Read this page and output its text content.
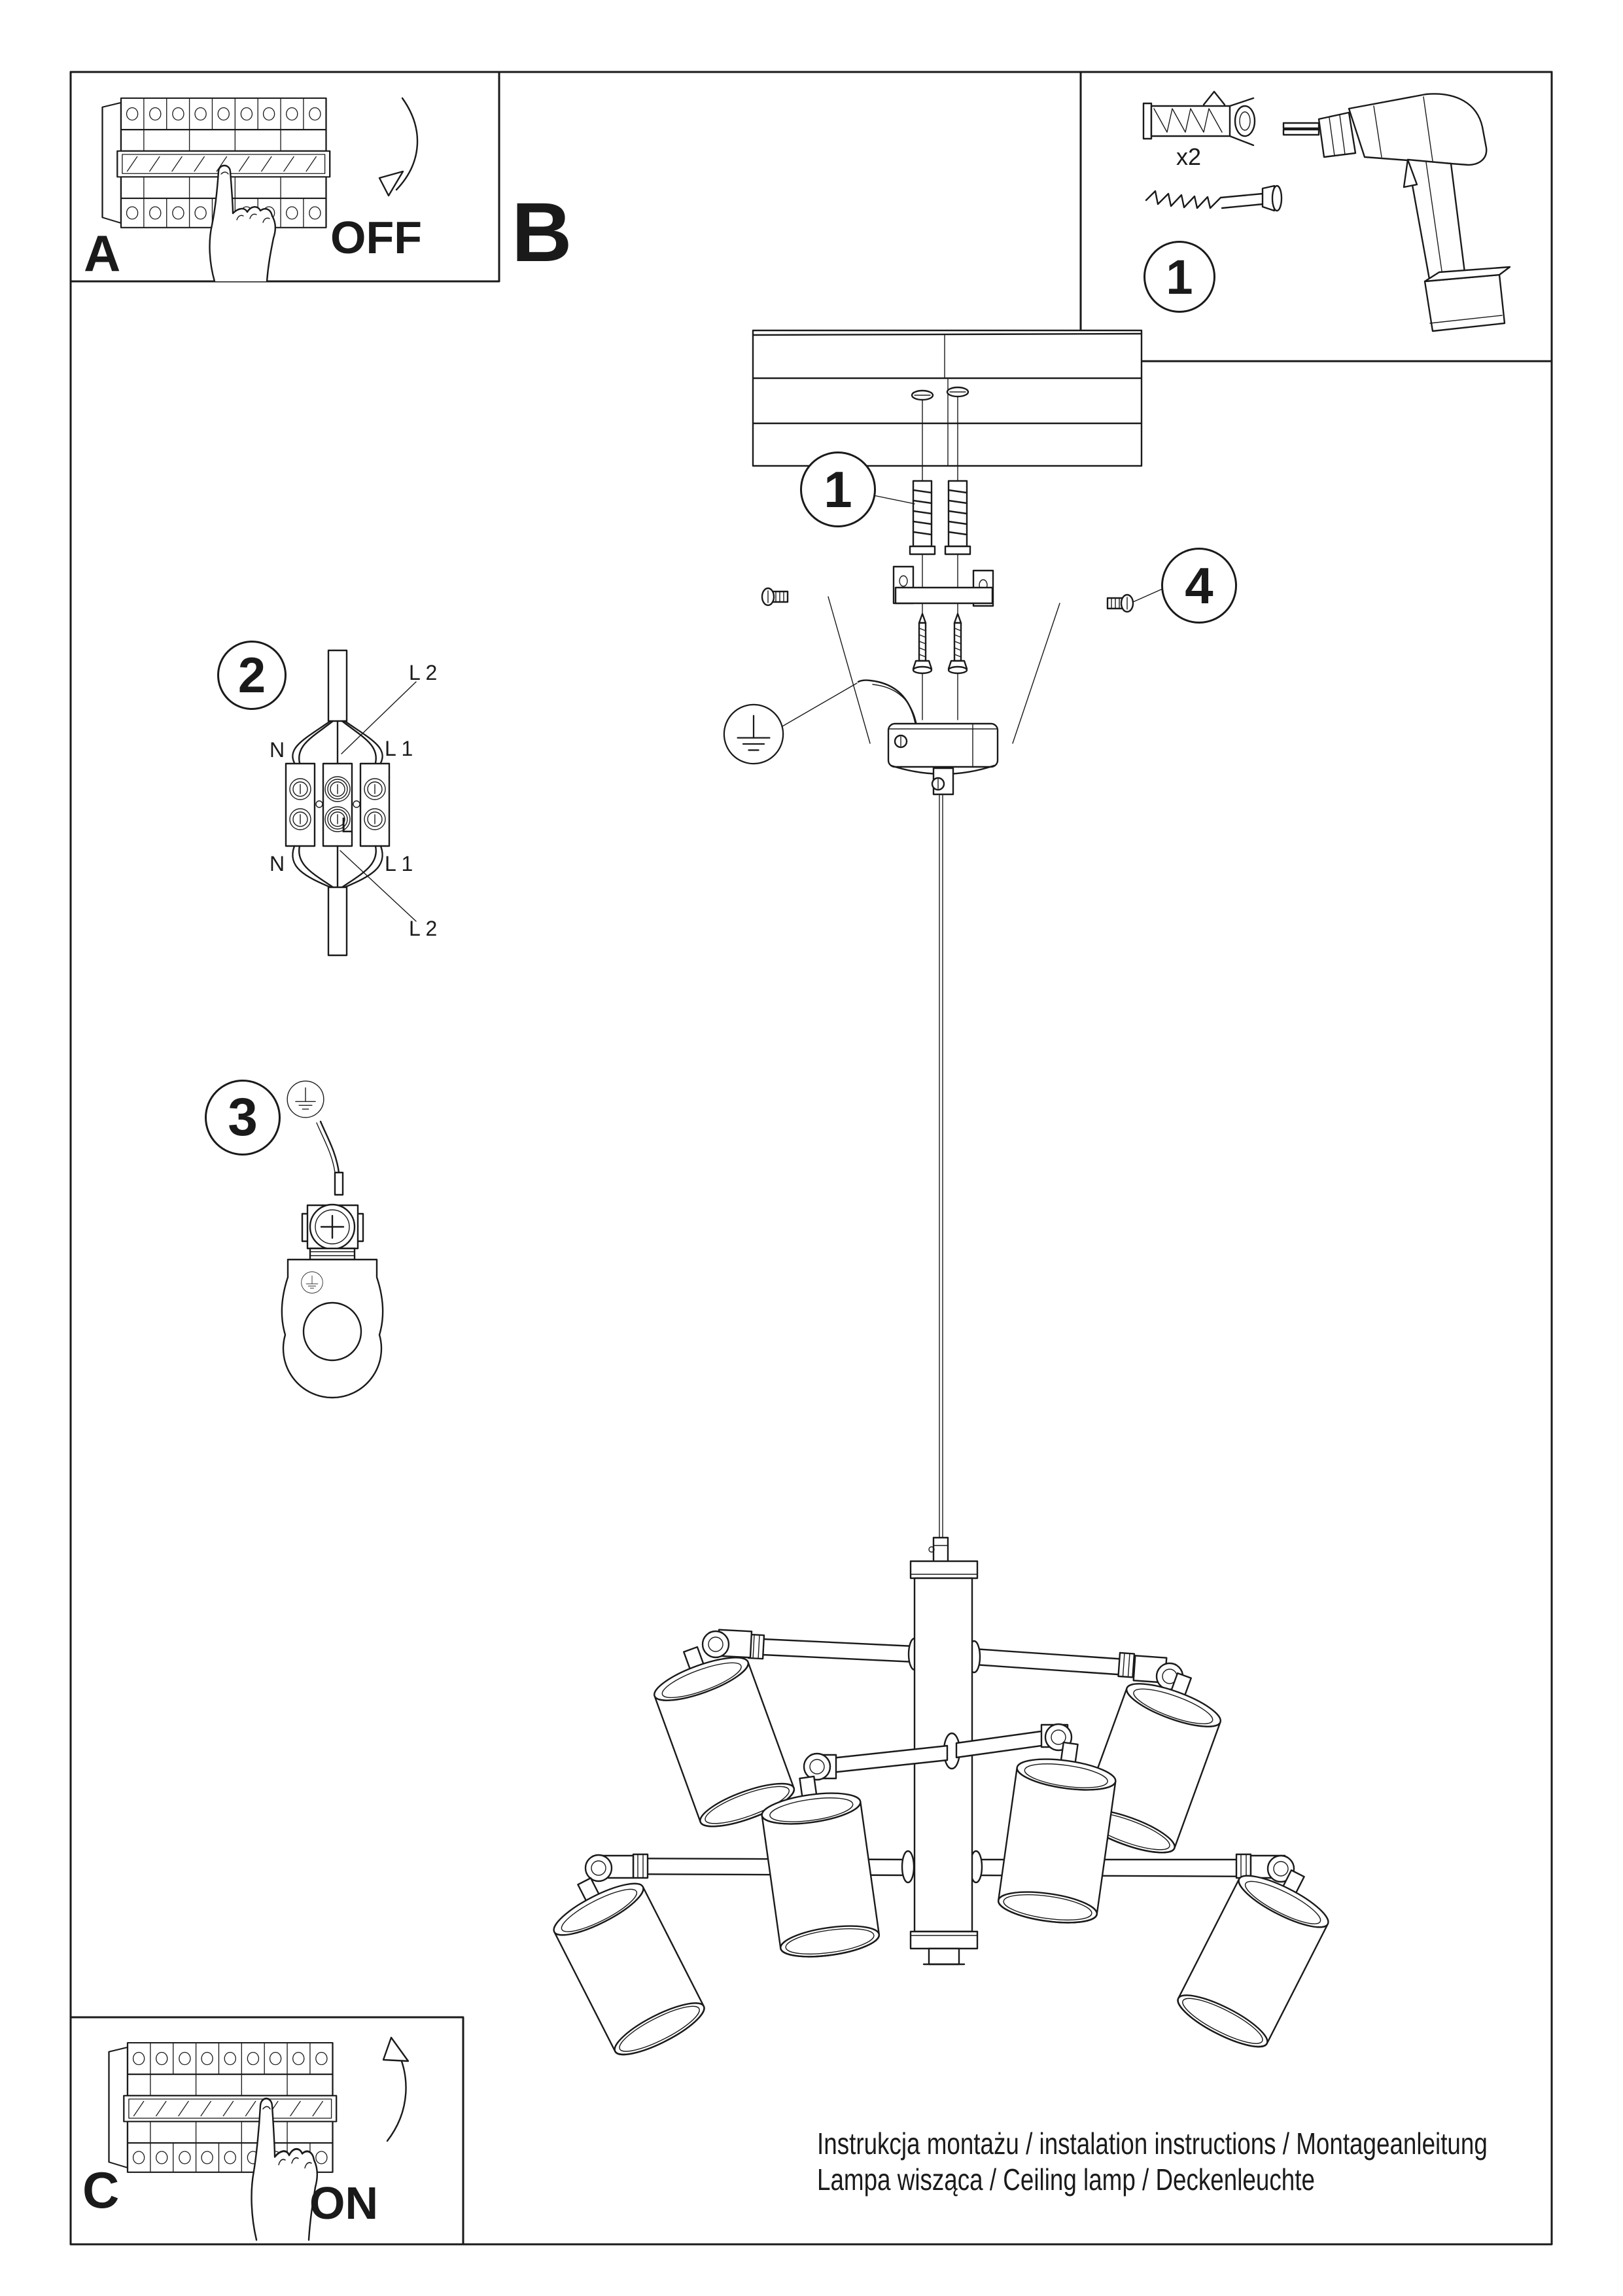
A	OFF B
C	ON
x2
1
1
4
2
3
N	L 1
L 2
L
N	L 1
L 2
Instrukcja montażu / instalation instructions / Montageanleitung
Lampa wisząca / Ceiling lamp / Deckenleuchte
